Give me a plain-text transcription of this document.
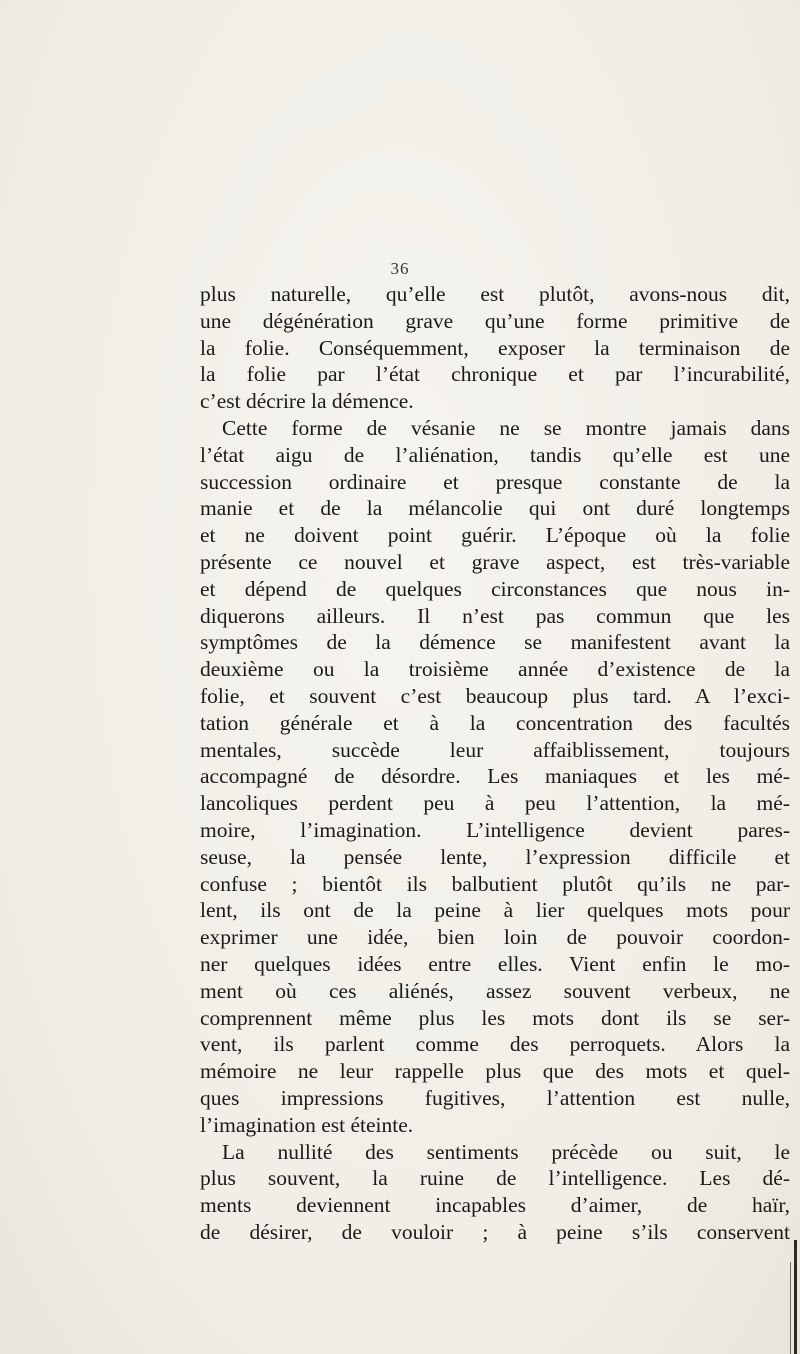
36
plus naturelle, qu’elle est plutôt, avons-nous dit,
une dégénération grave qu’une forme primitive de
la folie. Conséquemment, exposer la terminaison de
la folie par l’état chronique et par l’incurabilité,
c’est décrire la démence.
Cette forme de vésanie ne se montre jamais dans
l’état aigu de l’aliénation, tandis qu’elle est une
succession ordinaire et presque constante de la
manie et de la mélancolie qui ont duré longtemps
et ne doivent point guérir. L’époque où la folie
présente ce nouvel et grave aspect, est très-variable
et dépend de quelques circonstances que nous in-
diquerons ailleurs. Il n’est pas commun que les
symptômes de la démence se manifestent avant la
deuxième ou la troisième année d’existence de la
folie, et souvent c’est beaucoup plus tard. A l’exci-
tation générale et à la concentration des facultés
mentales, succède leur affaiblissement, toujours
accompagné de désordre. Les maniaques et les mé-
lancoliques perdent peu à peu l’attention, la mé-
moire, l’imagination. L’intelligence devient pares-
seuse, la pensée lente, l’expression difficile et
confuse ; bientôt ils balbutient plutôt qu’ils ne par-
lent, ils ont de la peine à lier quelques mots pour
exprimer une idée, bien loin de pouvoir coordon-
ner quelques idées entre elles. Vient enfin le mo-
ment où ces aliénés, assez souvent verbeux, ne
comprennent même plus les mots dont ils se ser-
vent, ils parlent comme des perroquets. Alors la
mémoire ne leur rappelle plus que des mots et quel-
ques impressions fugitives, l’attention est nulle,
l’imagination est éteinte.
La nullité des sentiments précède ou suit, le
plus souvent, la ruine de l’intelligence. Les dé-
ments deviennent incapables d’aimer, de haïr,
de désirer, de vouloir ; à peine s’ils conservent
